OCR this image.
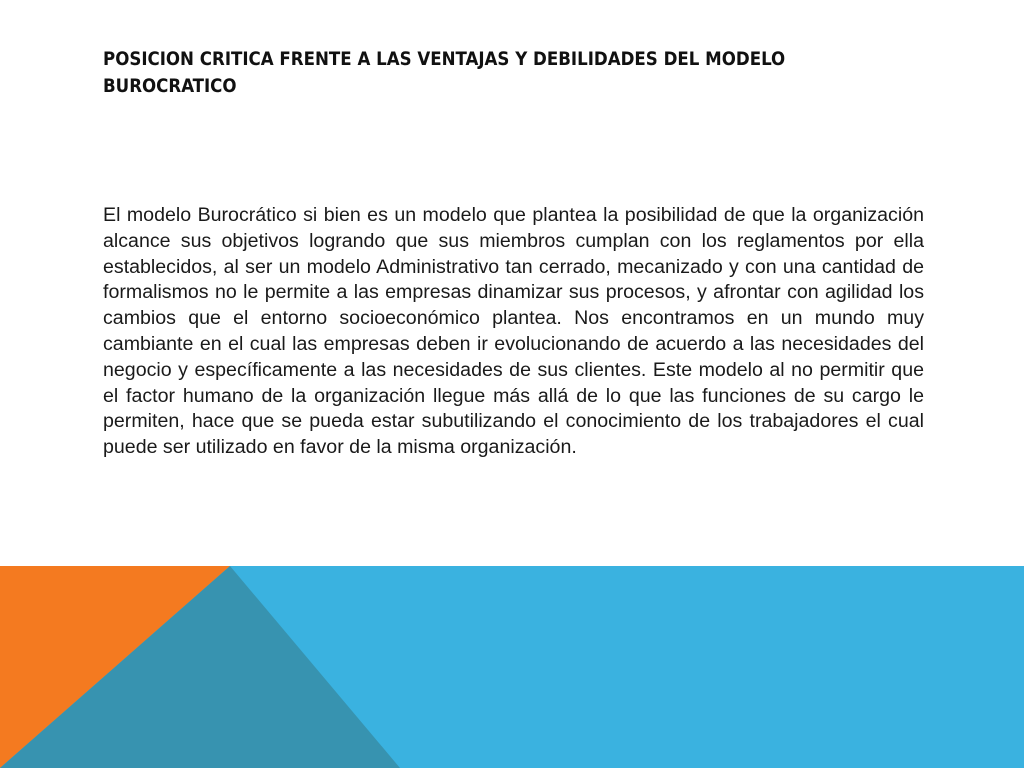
POSICION CRITICA FRENTE A LAS VENTAJAS Y DEBILIDADES DEL MODELO BUROCRATICO
El modelo Burocrático si bien es un modelo que plantea la posibilidad de que la organización alcance sus objetivos logrando que sus miembros cumplan con los reglamentos por ella establecidos, al ser un modelo Administrativo tan cerrado, mecanizado y con una cantidad de formalismos no le permite a las empresas dinamizar sus procesos, y afrontar con agilidad los cambios que el entorno socioeconómico plantea. Nos encontramos en un mundo muy cambiante en el cual las empresas deben ir evolucionando de acuerdo a las necesidades del negocio y específicamente a las necesidades de sus clientes. Este modelo al no permitir que el factor humano de la organización llegue más allá de lo que las funciones de su cargo le permiten, hace que se pueda estar subutilizando el conocimiento de los trabajadores el cual puede ser utilizado en favor de la misma organización.
